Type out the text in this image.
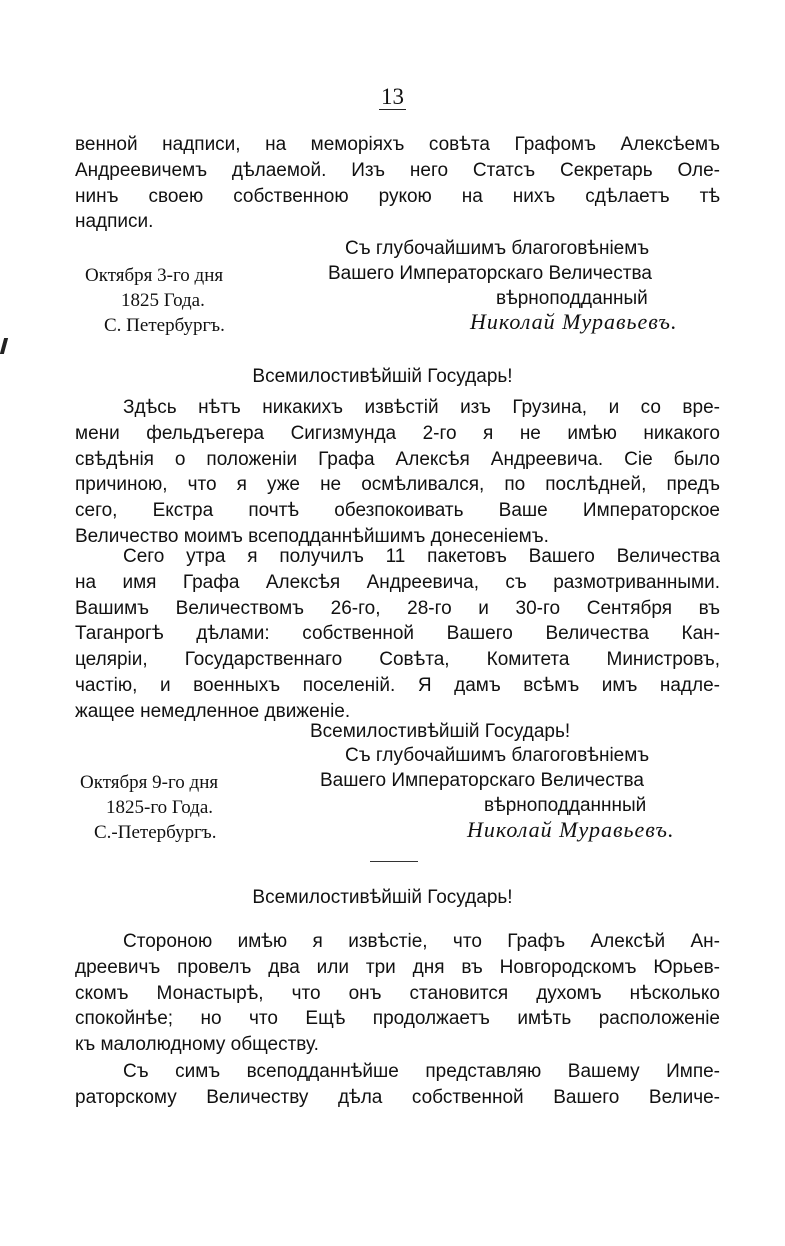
13
венной надписи, на меморіяхъ совѣта Графомъ Алексѣемъ
Андреевичемъ дѣлаемой. Изъ него Статсъ Секретарь Оле-
нинъ своею собственною рукою на нихъ сдѣлаетъ тѣ
надписи.
Съ глубочайшимъ благоговѣніемъ
Вашего Императорскаго Величества
вѣрноподданный
Николай Муравьевъ.
Октября 3-го дня
1825 Года.
С. Петербургъ.
Всемилостивѣйшій Государь!
Здѣсь нѣтъ никакихъ извѣстій изъ Грузина, и со вре-
мени фельдъегера Сигизмунда 2-го я не имѣю никакого
свѣдѣнія о положеніи Графа Алексѣя Андреевича. Сіе было
причиною, что я уже не осмѣливался, по послѣдней, предъ
сего, Екстра почтѣ обезпокоивать Ваше Императорское
Величество моимъ всеподданнѣйшимъ донесеніемъ.
Сего утра я получилъ 11 пакетовъ Вашего Величества
на имя Графа Алексѣя Андреевича, съ размотриванными.
Вашимъ Величествомъ 26-го, 28-го и 30-го Сентября въ
Таганрогѣ дѣлами: собственной Вашего Величества Кан-
целяріи, Государственнаго Совѣта, Комитета Министровъ,
частію, и военныхъ поселеній. Я дамъ всѣмъ имъ надле-
жащее немедленное движеніе.
Всемилостивѣйшій Государь!
Съ глубочайшимъ благоговѣніемъ
Вашего Императорскаго Величества
вѣрноподданнный
Николай Муравьевъ.
Октября 9-го дня
1825-го Года.
С.-Петербургъ.
Всемилостивѣйшій Государь!
Стороною имѣю я извѣстіе, что Графъ Алексѣй Ан-
дреевичъ провелъ два или три дня въ Новгородскомъ Юрьев-
скомъ Монастырѣ, что онъ становится духомъ нѣсколько
спокойнѣе; но что Ещѣ продолжаетъ имѣть расположеніе
къ малолюдному обществу.
Съ симъ всеподданнѣйше представляю Вашему Импе-
раторскому Величеству дѣла собственной Вашего Величе-
